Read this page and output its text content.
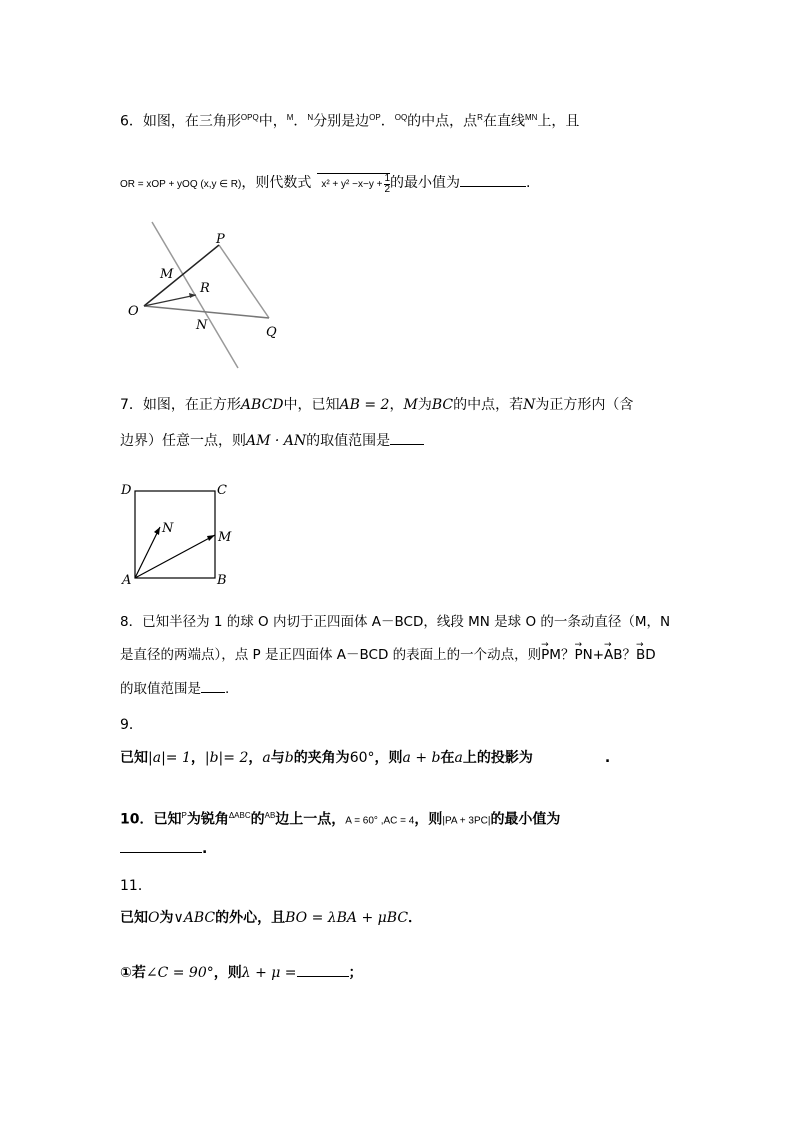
6．如图，在三角形$^{OPQ}$中，$^M$．$^N$分别是边$^{OP}$．$^{OQ}$的中点，点$^R$在直线$^{MN}$上，且
OR = xOP + yOQ (x,y ∈ R)，则代数式 $x^2 + y^2 -x-y + \frac{1}{2}$ 的最小值为	.
P
M
R
O
N	Q
7．如图，在正方形ABCD中，已知AB = 2，M为BC的中点，若N为正方形内（含
边界）任意一点，则AM · AN的取值范围是
D	C
N
M
A	B
8．已知半径为 1 的球 O 内切于正四面体 A－BCD，线段 MN 是球 O 的一条动直径（M，N
是直径的两端点），点 P 是正四面体 A－BCD 的表面上的一个动点，则→ PM？→ PN+→ AB？→ BD
的取值范围是 .
9．
已知|a|= 1，|b|= 2，a与b的夹角为60°，则a + b在a上的投影为	.
10．已知$^P$为锐角$^{\Delta ABC}$的$^{AB}$边上一点，A = 60° ,AC = 4，则|PA + 3PC|的最小值为
.
11．
已知O为∨ABC的外心，且BO = λBA + μBC．
①若∠C = 90°，则λ + μ =	；
